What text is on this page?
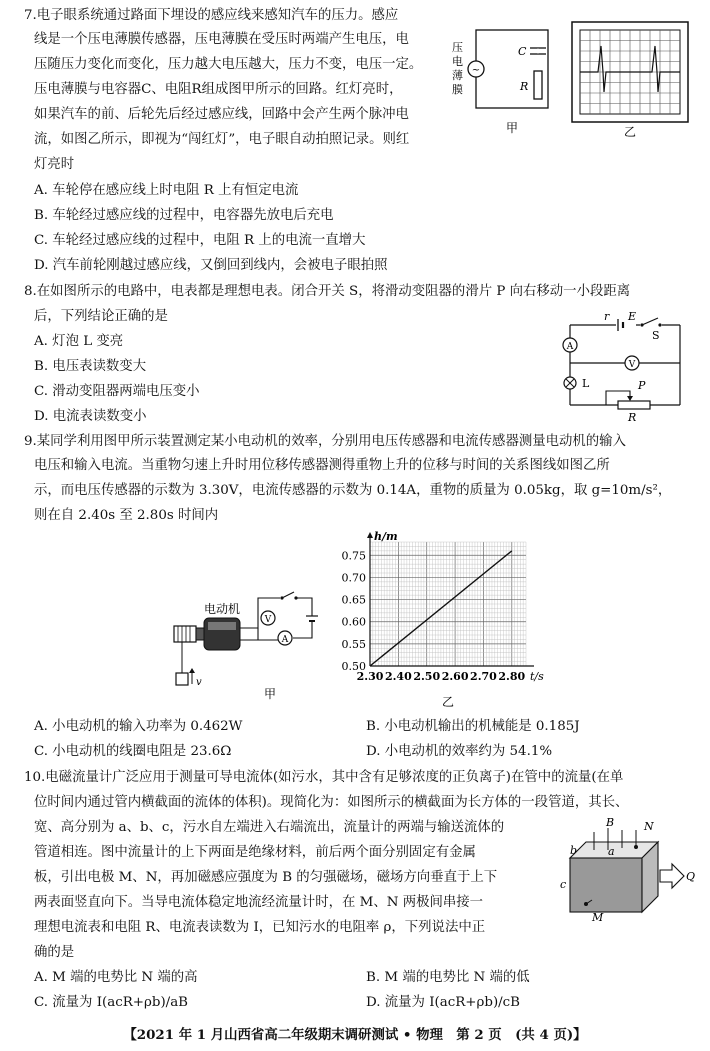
7.电子眼系统通过路面下埋设的感应线来感知汽车的压力。感应
线是一个压电薄膜传感器，压电薄膜在受压时两端产生电压，电
压随压力变化而变化，压力越大电压越大，压力不变，电压一定。
压电薄膜与电容器C、电阻R组成图甲所示的回路。红灯亮时，
如果汽车的前、后轮先后经过感应线，回路中会产生两个脉冲电
流，如图乙所示，即视为“闯红灯”，电子眼自动拍照记录。则红
灯亮时
A. 车轮停在感应线上时电阻 R 上有恒定电流
B. 车轮经过感应线的过程中，电容器先放电后充电
C. 车轮经过感应线的过程中，电阻 R 上的电流一直增大
D. 汽车前轮刚越过感应线，又倒回到线内，会被电子眼拍照
~
C
R
压
电
薄
膜
甲	乙
8.在如图所示的电路中，电表都是理想电表。闭合开关 S，将滑动变阻器的滑片 P 向右移动一小段距离
后，下列结论正确的是
A. 灯泡 L 变亮
B. 电压表读数变大
C. 滑动变阻器两端电压变小
D. 电流表读数变小
r E
S
A
V
L	P
R
9.某同学利用图甲所示装置测定某小电动机的效率，分别用电压传感器和电流传感器测量电动机的输入
电压和输入电流。当重物匀速上升时用位移传感器测得重物上升的位移与时间的关系图线如图乙所
示，而电压传感器的示数为 3.30V，电流传感器的示数为 0.14A，重物的质量为 0.05kg，取 g=10m/s²，
则在自 2.40s 至 2.80s 时间内
电动机
v
A
V
甲
2.30 2.40 2.50 2.60 2.70 2.80
0.50
0.55
0.60
0.65
0.70
0.75
t/s
h/m
乙
A. 小电动机的输入功率为 0.462W	B. 小电动机输出的机械能是 0.185J
C. 小电动机的线圈电阻是 23.6Ω	D. 小电动机的效率约为 54.1%
10.电磁流量计广泛应用于测量可导电流体(如污水，其中含有足够浓度的正负离子)在管中的流量(在单
位时间内通过管内横截面的流体的体积)。现简化为：如图所示的横截面为长方体的一段管道，其长、
宽、高分别为 a、b、c，污水自左端进入右端流出，流量计的两端与输送流体的
管道相连。图中流量计的上下两面是绝缘材料，前后两个面分别固定有金属
板，引出电极 M、N，再加磁感应强度为 B 的匀强磁场，磁场方向垂直于上下
两表面竖直向下。当导电流体稳定地流经流量计时，在 M、N 两极间串接一
理想电流表和电阻 R、电流表读数为 I，已知污水的电阻率 ρ，下列说法中正
确的是
A. M 端的电势比 N 端的高	B. M 端的电势比 N 端的低
C. 流量为 I(acR+ρb)/aB	D. 流量为 I(acR+ρb)/cB
B	N
a
b
c
M
Q
【2021 年 1 月山西省高二年级期末调研测试 • 物理　第 2 页　(共 4 页)】
